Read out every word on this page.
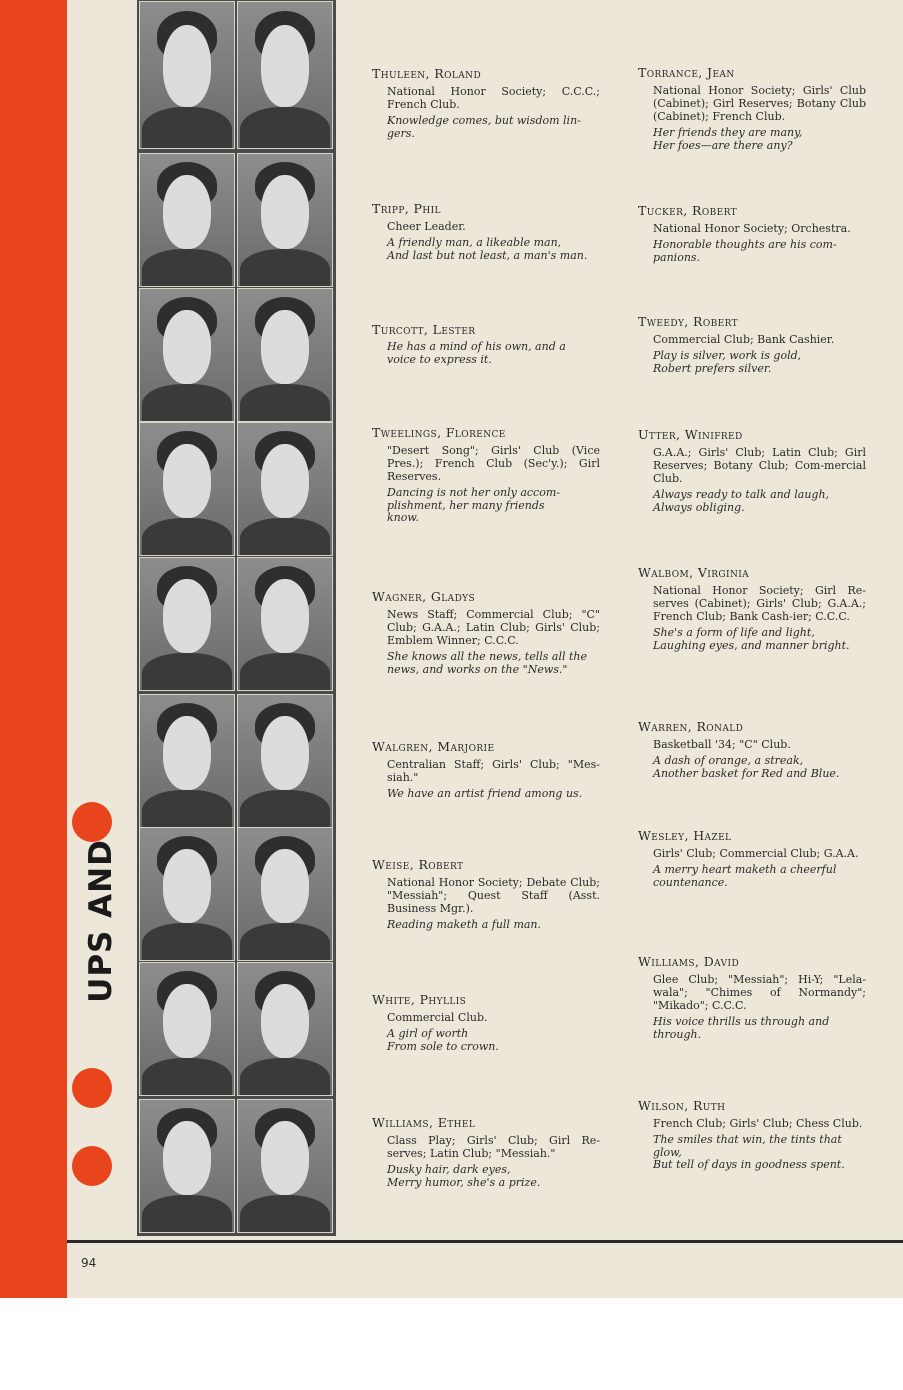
UPS AND
Thuleen, Roland
National Honor Society; C.C.C.; French Club.
Knowledge comes, but wisdom lin-
gers.
Tripp, Phil
Cheer Leader.
A friendly man, a likeable man,
And last but not least, a man's man.
Turcott, Lester
He has a mind of his own, and a
voice to express it.
Tweelings, Florence
"Desert Song"; Girls' Club (Vice Pres.); French Club (Sec'y.); Girl Reserves.
Dancing is not her only accom-
plishment, her many friends
know.
Wagner, Gladys
News Staff; Commercial Club; "C" Club; G.A.A.; Latin Club; Girls' Club; Emblem Winner; C.C.C.
She knows all the news, tells all the
news, and works on the "News."
Walgren, Marjorie
Centralian Staff; Girls' Club; "Mes-siah."
We have an artist friend among us.
Weise, Robert
National Honor Society; Debate Club; "Messiah"; Quest Staff (Asst. Business Mgr.).
Reading maketh a full man.
White, Phyllis
Commercial Club.
A girl of worth
From sole to crown.
Williams, Ethel
Class Play; Girls' Club; Girl Re-serves; Latin Club; "Messiah."
Dusky hair, dark eyes,
Merry humor, she's a prize.
Torrance, Jean
National Honor Society; Girls' Club (Cabinet); Girl Reserves; Botany Club (Cabinet); French Club.
Her friends they are many,
Her foes—are there any?
Tucker, Robert
National Honor Society; Orchestra.
Honorable thoughts are his com-
panions.
Tweedy, Robert
Commercial Club; Bank Cashier.
Play is silver, work is gold,
Robert prefers silver.
Utter, Winifred
G.A.A.; Girls' Club; Latin Club; Girl Reserves; Botany Club; Com-mercial Club.
Always ready to talk and laugh,
Always obliging.
Walbom, Virginia
National Honor Society; Girl Re-serves (Cabinet); Girls' Club; G.A.A.; French Club; Bank Cash-ier; C.C.C.
She's a form of life and light,
Laughing eyes, and manner bright.
Warren, Ronald
Basketball '34; "C" Club.
A dash of orange, a streak,
Another basket for Red and Blue.
Wesley, Hazel
Girls' Club; Commercial Club; G.A.A.
A merry heart maketh a cheerful
countenance.
Williams, David
Glee Club; "Messiah"; Hi-Y; "Lela-wala"; "Chimes of Normandy"; "Mikado"; C.C.C.
His voice thrills us through and
through.
Wilson, Ruth
French Club; Girls' Club; Chess Club.
The smiles that win, the tints that
glow,
But tell of days in goodness spent.
94
